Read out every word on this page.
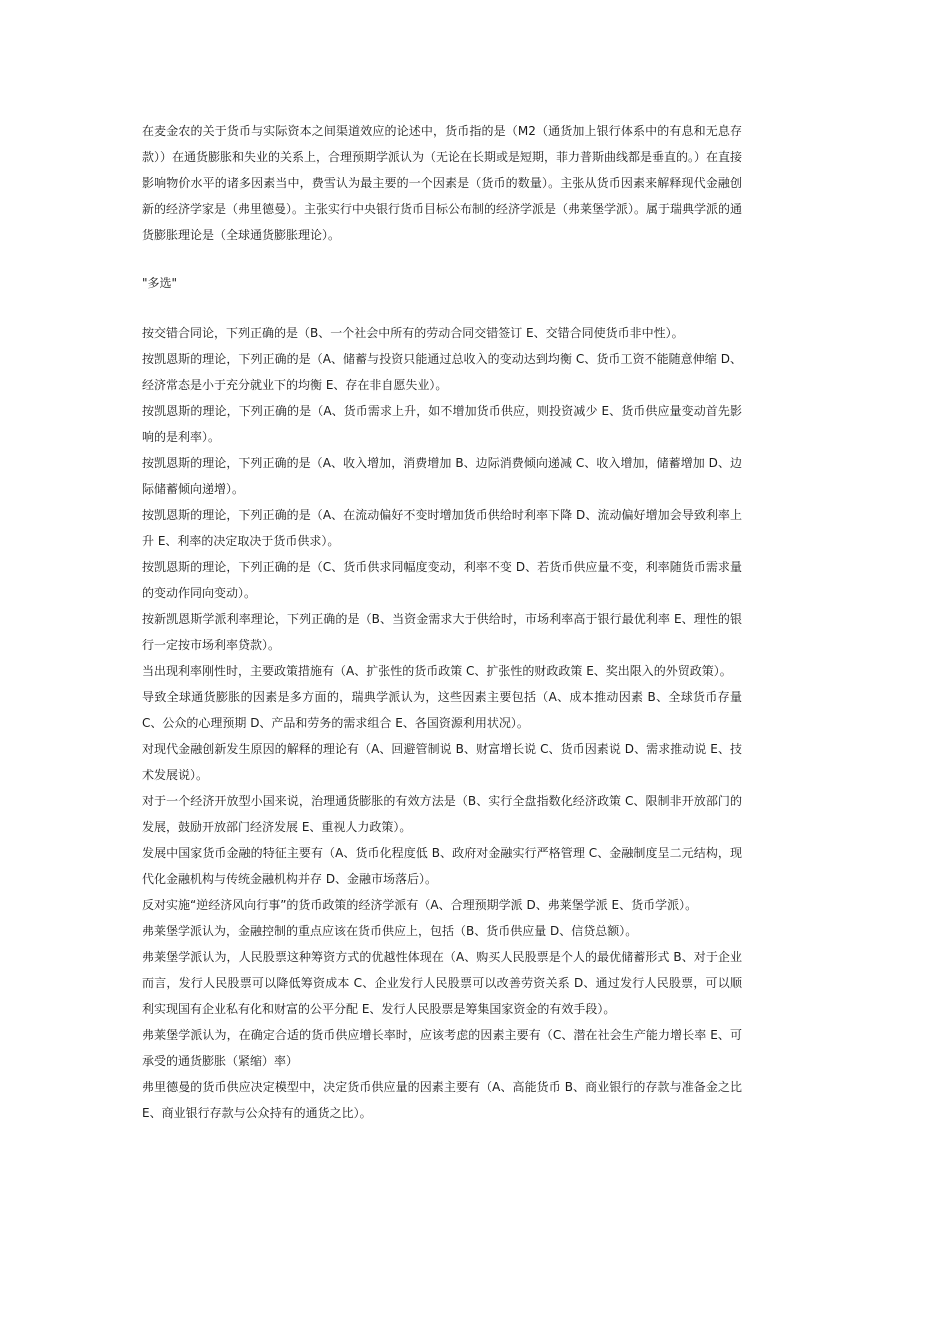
在麦金农的关于货币与实际资本之间渠道效应的论述中，货币指的是（M2（通货加上银行体系中的有息和无息存款））在通货膨胀和失业的关系上，合理预期学派认为（无论在长期或是短期，菲力普斯曲线都是垂直的。）在直接影响物价水平的诸多因素当中，费雪认为最主要的一个因素是（货币的数量）。主张从货币因素来解释现代金融创新的经济学家是（弗里德曼）。主张实行中央银行货币目标公布制的经济学派是（弗莱堡学派）。属于瑞典学派的通货膨胀理论是（全球通货膨胀理论）。

"多选"

按交错合同论，下列正确的是（B、一个社会中所有的劳动合同交错签订 E、交错合同使货币非中性）。

按凯恩斯的理论，下列正确的是（A、储蓄与投资只能通过总收入的变动达到均衡 C、货币工资不能随意伸缩 D、经济常态是小于充分就业下的均衡 E、存在非自愿失业）。

按凯恩斯的理论，下列正确的是（A、货币需求上升，如不增加货币供应，则投资减少 E、货币供应量变动首先影响的是利率）。

按凯恩斯的理论，下列正确的是（A、收入增加，消费增加 B、边际消费倾向递减 C、收入增加，储蓄增加 D、边际储蓄倾向递增）。

按凯恩斯的理论，下列正确的是（A、在流动偏好不变时增加货币供给时利率下降 D、流动偏好增加会导致利率上升 E、利率的决定取决于货币供求）。

按凯恩斯的理论，下列正确的是（C、货币供求同幅度变动，利率不变 D、若货币供应量不变，利率随货币需求量的变动作同向变动）。

按新凯恩斯学派利率理论，下列正确的是（B、当资金需求大于供给时，市场利率高于银行最优利率 E、理性的银行一定按市场利率贷款）。

当出现利率刚性时，主要政策措施有（A、扩张性的货币政策 C、扩张性的财政政策 E、奖出限入的外贸政策）。

导致全球通货膨胀的因素是多方面的，瑞典学派认为，这些因素主要包括（A、成本推动因素 B、全球货币存量 C、公众的心理预期 D、产品和劳务的需求组合 E、各国资源利用状况）。

对现代金融创新发生原因的解释的理论有（A、回避管制说 B、财富增长说 C、货币因素说 D、需求推动说 E、技术发展说）。

对于一个经济开放型小国来说，治理通货膨胀的有效方法是（B、实行全盘指数化经济政策 C、限制非开放部门的发展，鼓励开放部门经济发展 E、重视人力政策）。

发展中国家货币金融的特征主要有（A、货币化程度低 B、政府对金融实行严格管理 C、金融制度呈二元结构，现代化金融机构与传统金融机构并存 D、金融市场落后）。

反对实施“逆经济风向行事”的货币政策的经济学派有（A、合理预期学派 D、弗莱堡学派 E、货币学派）。

弗莱堡学派认为，金融控制的重点应该在货币供应上，包括（B、货币供应量 D、信贷总额）。

弗莱堡学派认为，人民股票这种筹资方式的优越性体现在（A、购买人民股票是个人的最优储蓄形式 B、对于企业而言，发行人民股票可以降低筹资成本 C、企业发行人民股票可以改善劳资关系 D、通过发行人民股票，可以顺利实现国有企业私有化和财富的公平分配 E、发行人民股票是筹集国家资金的有效手段）。

弗莱堡学派认为，在确定合适的货币供应增长率时，应该考虑的因素主要有（C、潜在社会生产能力增长率 E、可承受的通货膨胀（紧缩）率）

弗里德曼的货币供应决定模型中，决定货币供应量的因素主要有（A、高能货币 B、商业银行的存款与准备金之比 E、商业银行存款与公众持有的通货之比）。
